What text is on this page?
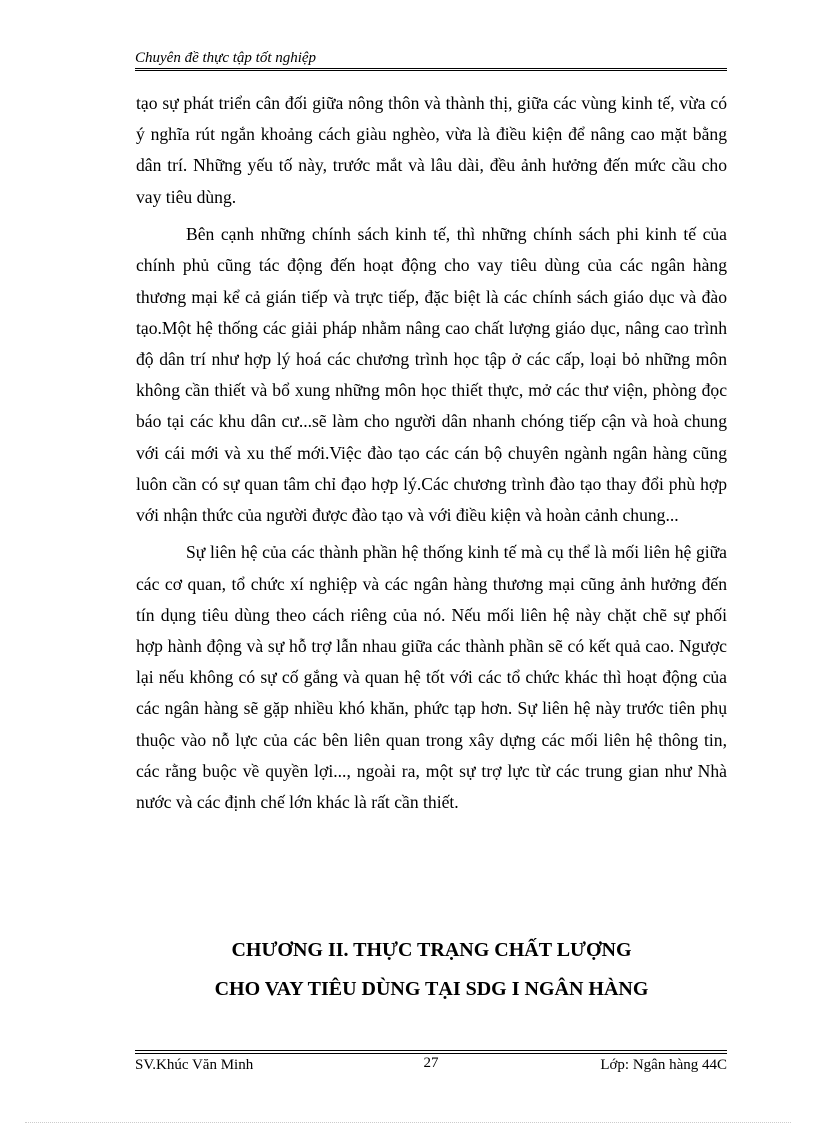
Chuyên đề thực tập tốt nghiệp

tạo sự phát triển cân đối giữa nông thôn và thành thị, giữa các vùng kinh tế, vừa có ý nghĩa rút ngắn khoảng cách giàu nghèo, vừa là điều kiện để nâng cao mặt bằng dân trí. Những yếu tố này, trước mắt và lâu dài, đều ảnh hưởng đến mức cầu cho vay tiêu dùng.

Bên cạnh những chính sách kinh tế, thì những chính sách phi kinh tế của chính phủ cũng tác động đến hoạt động cho vay tiêu dùng của các ngân hàng thương mại kể cả gián tiếp và trực tiếp, đặc biệt là các chính sách giáo dục và đào tạo.Một hệ thống các giải pháp nhằm nâng cao chất lượng giáo dục, nâng cao trình độ dân trí như hợp lý hoá các chương trình học tập ở các cấp, loại bỏ những môn không cần thiết và bổ xung những môn học thiết thực, mở các thư viện, phòng đọc báo tại các khu dân cư...sẽ làm cho người dân nhanh chóng tiếp cận và hoà chung với cái mới và xu thế mới.Việc đào tạo các cán bộ chuyên ngành ngân hàng cũng luôn cần có sự quan tâm chỉ đạo hợp lý.Các chương trình đào tạo thay đổi phù hợp với nhận thức của người được đào tạo và với điều kiện và hoàn cảnh chung...

Sự liên hệ của các thành phần hệ thống kinh tế mà cụ thể là mối liên hệ giữa các cơ quan, tổ chức xí nghiệp và các ngân hàng thương mại cũng ảnh hưởng đến tín dụng tiêu dùng theo cách riêng của nó. Nếu mối liên hệ này chặt chẽ sự phối hợp hành động và sự hỗ trợ lẫn nhau giữa các thành phần sẽ có kết quả cao. Ngược lại nếu không có sự cố gắng và quan hệ tốt với các tổ chức khác thì hoạt động của các ngân hàng sẽ gặp nhiều khó khăn, phức tạp hơn. Sự liên hệ này trước tiên phụ thuộc vào nỗ lực của các bên liên quan trong xây dựng các mối liên hệ thông tin, các rằng buộc về quyền lợi..., ngoài ra, một sự trợ lực từ các trung gian như Nhà nước và các định chế lớn khác là rất cần thiết.

CHƯƠNG II. THỰC TRẠNG CHẤT LƯỢNG
CHO VAY TIÊU DÙNG TẠI SDG I NGÂN HÀNG
SV.Khúc Văn Minh	27	Lớp: Ngân hàng 44C
